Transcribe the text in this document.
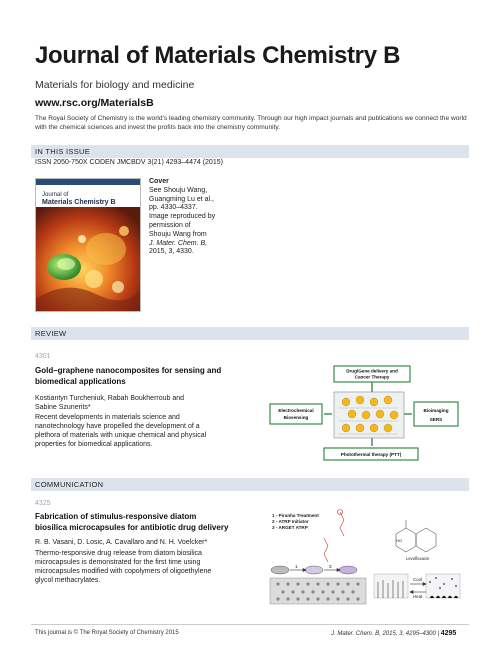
Journal of Materials Chemistry B
Materials for biology and medicine
www.rsc.org/MaterialsB
The Royal Society of Chemistry is the world’s leading chemistry community. Through our high impact journals and publications we connect the world with the chemical sciences and invest the profits back into the chemistry community.
IN THIS ISSUE
ISSN 2050-750X CODEN JMCBDV 3(21) 4293–4474 (2015)
Journal of
Materials Chemistry B
Cover
See Shouju Wang,
Guangming Lu et al.,
pp. 4330–4337.
Image reproduced by
permission of
Shouju Wang from
J. Mater. Chem. B,
2015, 3, 4330.
REVIEW
4301
Gold–graphene nanocomposites for sensing and
biomedical applications
Kostiantyn Turcheniuk, Rabah Boukherroub and
Sabine Szunerits*
Recent developments in materials science and
nanotechnology have propelled the development of a
plethora of materials with unique chemical and physical
properties for biomedical applications.
Drug/Gene delivery and
Cancer Therapy
Electrochemical
Biosensing
Bioimaging
SERS
Photothermal therapy (PTT)
COMMUNICATION
4325
Fabrication of stimulus-responsive diatom
biosilica microcapsules for antibiotic drug delivery
R. B. Vasani, D. Losic, A. Cavallaro and N. H. Voelcker*
Thermo-responsive drug release from diatom biosilica
microcapsules is demonstrated for the first time using
microcapsules modified with copolymers of oligoethylene
glycol methacrylates.
1 - Piranha Treatment
2 - ATRP Initiator
3 - ARGET ATRP
HO
Levofloxacin
1	3
Cool
Heat
This journal is © The Royal Society of Chemistry 2015	J. Mater. Chem. B, 2015, 3, 4295–4300 | 4295
